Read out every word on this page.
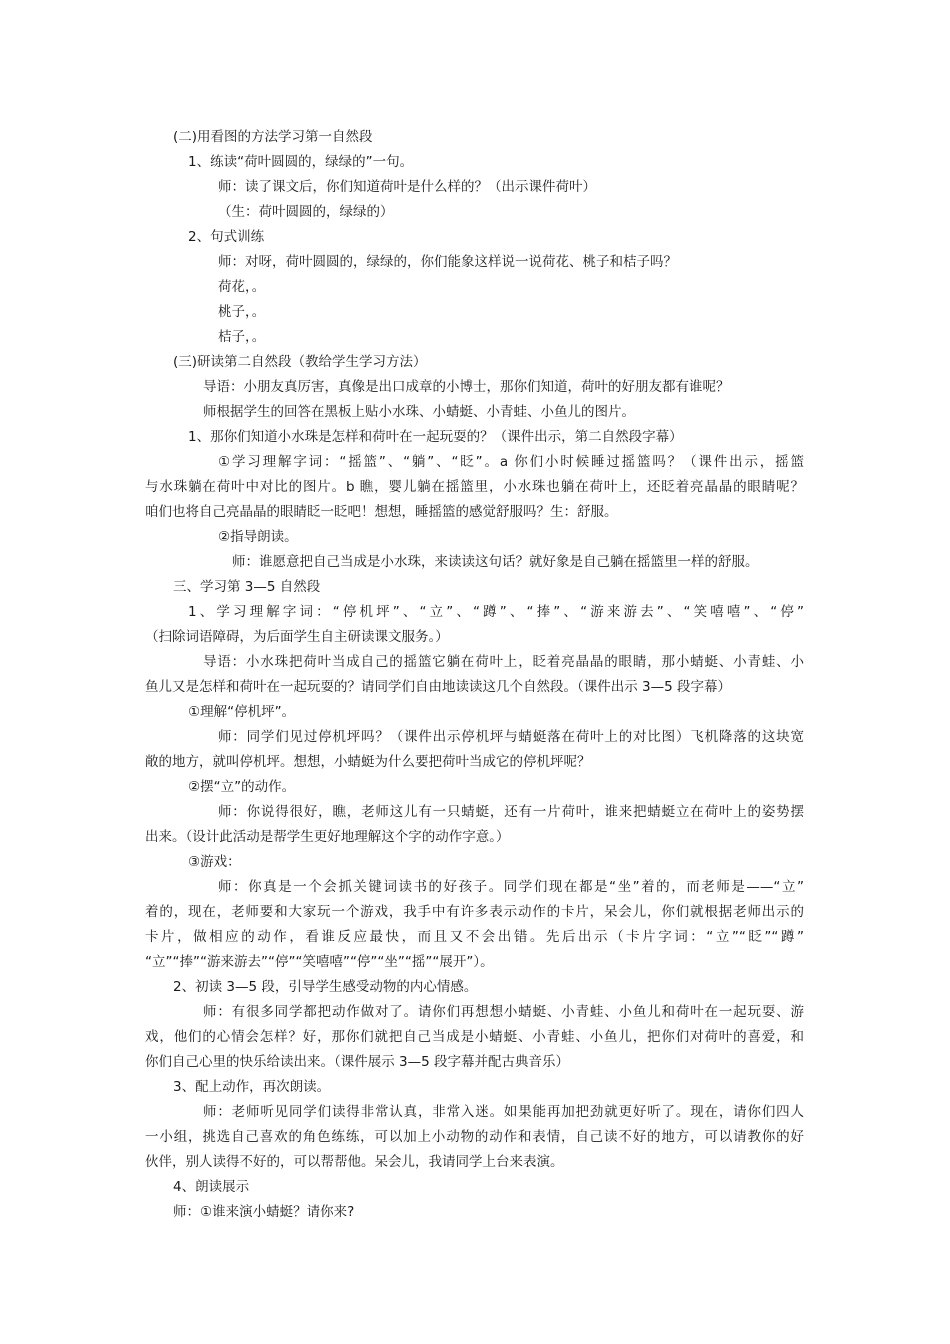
(二)用看图的方法学习第一自然段
1、练读“荷叶圆圆的，绿绿的”一句。
师：读了课文后，你们知道荷叶是什么样的？（出示课件荷叶）
（生：荷叶圆圆的，绿绿的）
2、句式训练
师：对呀，荷叶圆圆的，绿绿的，你们能象这样说一说荷花、桃子和桔子吗？
荷花，。
桃子，。
桔子，。
(三)研读第二自然段（教给学生学习方法）
导语：小朋友真厉害，真像是出口成章的小博士，那你们知道，荷叶的好朋友都有谁呢？
师根据学生的回答在黑板上贴小水珠、小蜻蜓、小青蛙、小鱼儿的图片。
1、那你们知道小水珠是怎样和荷叶在一起玩耍的？（课件出示，第二自然段字幕）
①学习理解字词：“摇篮”、“躺”、“眨”。a 你们小时候睡过摇篮吗？（课件出示，摇篮
与水珠躺在荷叶中对比的图片。b 瞧，婴儿躺在摇篮里，小水珠也躺在荷叶上，还眨着亮晶晶的眼睛呢？
咱们也将自己亮晶晶的眼睛眨一眨吧！想想，睡摇篮的感觉舒服吗？生：舒服。
②指导朗读。
师：谁愿意把自己当成是小水珠，来读读这句话？就好象是自己躺在摇篮里一样的舒服。
三、学习第 3—5 自然段
1、学习理解字词：“停机坪”、“立”、“蹲”、“捧”、“游来游去”、“笑嘻嘻”、“停”
（扫除词语障碍，为后面学生自主研读课文服务。）
导语：小水珠把荷叶当成自己的摇篮它躺在荷叶上，眨着亮晶晶的眼睛，那小蜻蜓、小青蛙、小
鱼儿又是怎样和荷叶在一起玩耍的？请同学们自由地读读这几个自然段。（课件出示 3—5 段字幕）
①理解“停机坪”。
师：同学们见过停机坪吗？（课件出示停机坪与蜻蜓落在荷叶上的对比图）飞机降落的这块宽
敞的地方，就叫停机坪。想想，小蜻蜓为什么要把荷叶当成它的停机坪呢？
②摆“立”的动作。
师：你说得很好，瞧，老师这儿有一只蜻蜓，还有一片荷叶，谁来把蜻蜓立在荷叶上的姿势摆
出来。（设计此活动是帮学生更好地理解这个字的动作字意。）
③游戏：
师：你真是一个会抓关键词读书的好孩子。同学们现在都是“坐”着的，而老师是——“立”
着的，现在，老师要和大家玩一个游戏，我手中有许多表示动作的卡片，呆会儿，你们就根据老师出示的
卡片，做相应的动作，看谁反应最快，而且又不会出错。先后出示（卡片字词：“立”“眨”“蹲”
“立”“捧”“游来游去”“停”“笑嘻嘻”“停”“坐”“摇”“展开”）。
2、初读 3—5 段，引导学生感受动物的内心情感。
师：有很多同学都把动作做对了。请你们再想想小蜻蜓、小青蛙、小鱼儿和荷叶在一起玩耍、游
戏，他们的心情会怎样？好，那你们就把自己当成是小蜻蜓、小青蛙、小鱼儿，把你们对荷叶的喜爱，和
你们自己心里的快乐给读出来。（课件展示 3—5 段字幕并配古典音乐）
3、配上动作，再次朗读。
师：老师听见同学们读得非常认真，非常入迷。如果能再加把劲就更好听了。现在，请你们四人
一小组，挑选自己喜欢的角色练练，可以加上小动物的动作和表情，自己读不好的地方，可以请教你的好
伙伴，别人读得不好的，可以帮帮他。呆会儿，我请同学上台来表演。
4、朗读展示
师：①谁来演小蜻蜓？请你来?
